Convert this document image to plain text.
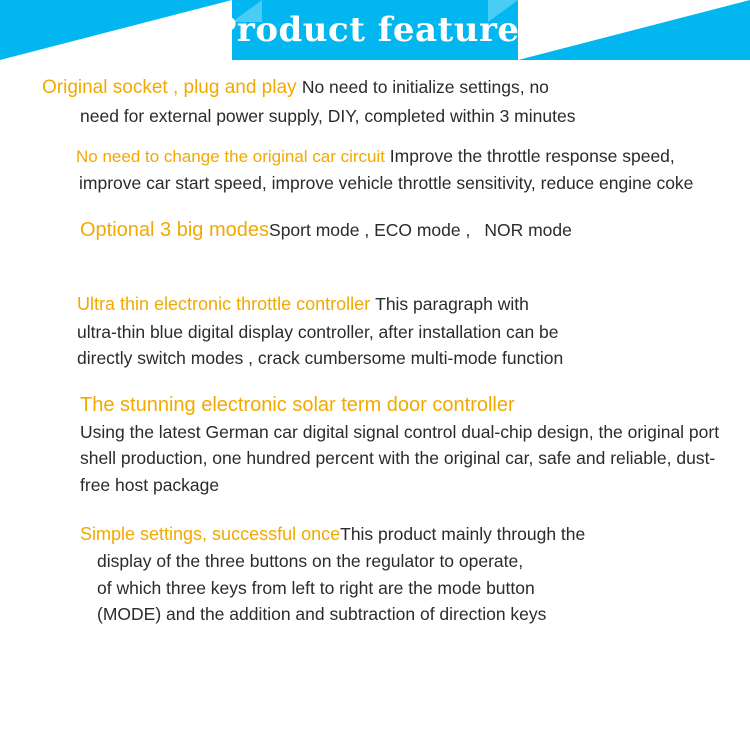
Product features

Original socket , plug and play No need to initialize settings, no
need for external power supply, DIY, completed within 3 minutes

No need to change the original car circuit Improve the throttle response speed, improve car start speed, improve vehicle throttle sensitivity, reduce engine coke

Optional 3 big modesSport mode , ECO mode , NOR mode

Ultra thin electronic throttle controller This paragraph with
ultra-thin blue digital display controller, after installation can be
directly switch modes , crack cumbersome multi-mode function

The stunning electronic solar term door controller

Using the latest German car digital signal control dual-chip design, the original port shell production, one hundred percent with the original car, safe and reliable, dust-free host package

Simple settings, successful onceThis product mainly through the
display of the three buttons on the regulator to operate,
of which three keys from left to right are the mode button
(MODE) and the addition and subtraction of direction keys
